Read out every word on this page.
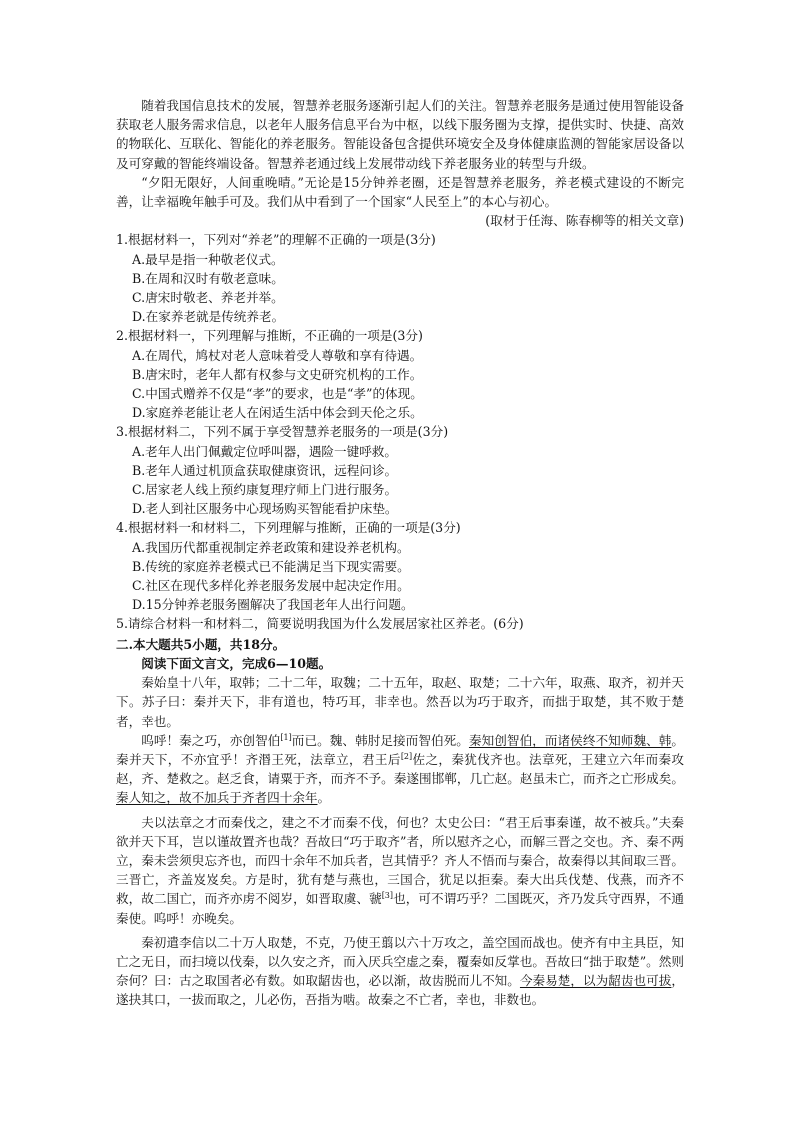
随着我国信息技术的发展，智慧养老服务逐渐引起人们的关注。智慧养老服务是通过使用智能设备获取老人服务需求信息，以老年人服务信息平台为中枢，以线下服务圈为支撑，提供实时、快捷、高效的物联化、互联化、智能化的养老服务。智能设备包含提供环境安全及身体健康监测的智能家居设备以及可穿戴的智能终端设备。智慧养老通过线上发展带动线下养老服务业的转型与升级。

“夕阳无限好，人间重晚晴。”无论是15分钟养老圈，还是智慧养老服务，养老模式建设的不断完善，让幸福晚年触手可及。我们从中看到了一个国家“人民至上”的本心与初心。

(取材于任海、陈春柳等的相关文章)

1.根据材料一，下列对“养老”的理解不正确的一项是(3分)

A.最早是指一种敬老仪式。

B.在周和汉时有敬老意味。

C.唐宋时敬老、养老并举。

D.在家养老就是传统养老。

2.根据材料一，下列理解与推断，不正确的一项是(3分)

A.在周代，鸠杖对老人意味着受人尊敬和享有待遇。

B.唐宋时，老年人都有权参与文史研究机构的工作。

C.中国式赠养不仅是“孝”的要求，也是“孝”的体现。

D.家庭养老能让老人在闲适生活中体会到天伦之乐。

3.根据材料二，下列不属于享受智慧养老服务的一项是(3分)

A.老年人出门佩戴定位呼叫器，遇险一键呼救。

B.老年人通过机顶盒获取健康资讯，远程问诊。

C.居家老人线上预约康复理疗师上门进行服务。

D.老人到社区服务中心现场购买智能看护床垫。

4.根据材料一和材料二，下列理解与推断，正确的一项是(3分)

A.我国历代都重视制定养老政策和建设养老机构。

B.传统的家庭养老模式已不能满足当下现实需要。

C.社区在现代多样化养老服务发展中起决定作用。

D.15分钟养老服务圈解决了我国老年人出行问题。

5.请综合材料一和材料二，简要说明我国为什么发展居家社区养老。(6分)

二.本大题共5小题，共18分。

阅读下面文言文，完成6—10题。

秦始皇十八年，取韩；二十二年，取魏；二十五年，取赵、取楚；二十六年，取燕、取齐，初并天下。苏子曰：秦并天下，非有道也，特巧耳，非幸也。然吾以为巧于取齐，而拙于取楚，其不败于楚者，幸也。

呜呼！秦之巧，亦创智伯[1]而已。魏、韩肘足接而智伯死。秦知创智伯，而诸侯终不知师魏、韩。秦并天下，不亦宜乎！齐湣王死，法章立，君王后[2]佐之，秦犹伐齐也。法章死，王建立六年而秦攻赵，齐、楚救之。赵乏食，请粟于齐，而齐不予。秦遂围邯郸，几亡赵。赵虽未亡，而齐之亡形成矣。秦人知之，故不加兵于齐者四十余年。

夫以法章之才而秦伐之，建之不才而秦不伐，何也？太史公曰：“君王后事秦谨，故不被兵。”夫秦欲并天下耳，岂以谨故置齐也哉？吾故曰“巧于取齐”者，所以慰齐之心，而解三晋之交也。齐、秦不两立，秦未尝须臾忘齐也，而四十余年不加兵者，岂其情乎？齐人不悟而与秦合，故秦得以其间取三晋。三晋亡，齐盖岌岌矣。方是时，犹有楚与燕也，三国合，犹足以拒秦。秦大出兵伐楚、伐燕，而齐不救，故二国亡，而齐亦虏不阅岁，如晋取虞、虢[3]也，可不谓巧乎？二国既灭，齐乃发兵守西界，不通秦使。呜呼！亦晚矣。

秦初遣李信以二十万人取楚，不克，乃使王翦以六十万攻之，盖空国而战也。使齐有中主具臣，知亡之无日，而扫境以伐秦，以久安之齐，而入厌兵空虚之秦，覆秦如反掌也。吾故曰“拙于取楚”。然则奈何？曰：古之取国者必有数。如取龆齿也，必以渐，故齿脱而儿不知。今秦易楚，以为龆齿也可拔，遂抉其口，一拔而取之，儿必伤，吾指为啮。故秦之不亡者，幸也，非数也。
